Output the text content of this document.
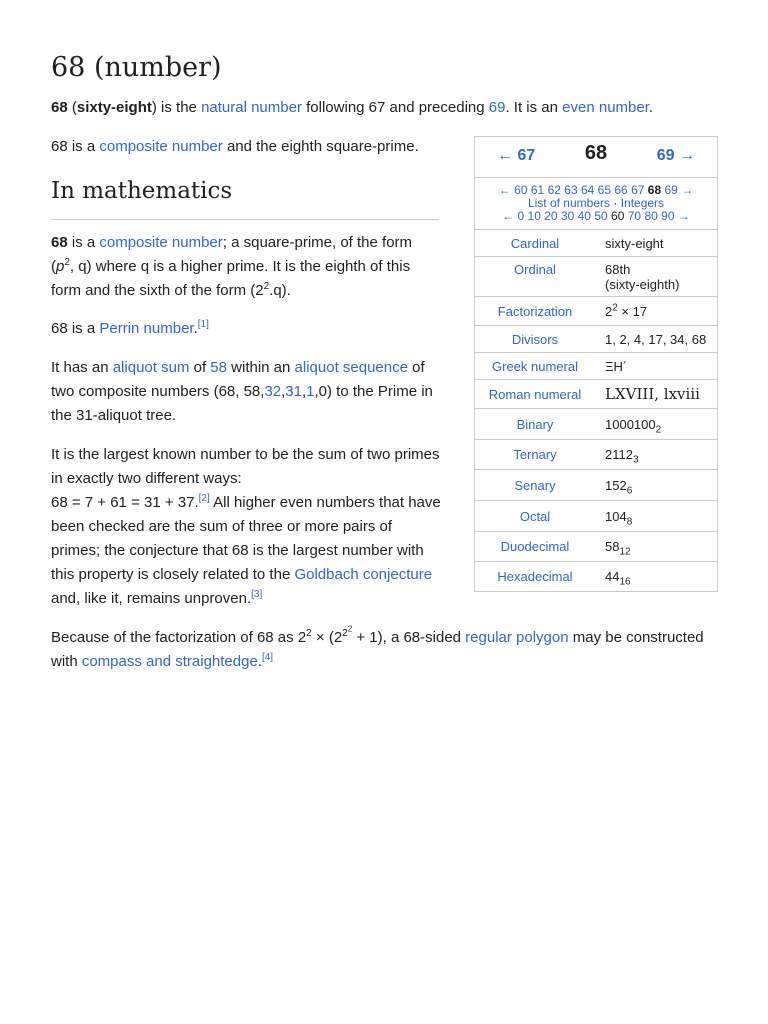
68 (number)

68 (sixty-eight) is the natural number following 67 and preceding 69. It is an even number.

68 is a composite number and the eighth square-prime.

In mathematics

68 is a composite number; a square-prime, of the form ($p^2$, q) where q is a higher prime. It is the eighth of this form and the sixth of the form $(2^2.q)$.

68 is a Perrin number.[1]

It has an aliquot sum of 58 within an aliquot sequence of two composite numbers (68, 58,32,31,1,0) to the Prime in the 31-aliquot tree.

It is the largest known number to be the sum of two primes in exactly two different ways:
68 = 7 + 61 = 31 + 37.[2] All higher even numbers that have been checked are the sum of three or more pairs of primes; the conjecture that 68 is the largest number with this property is closely related to the Goldbach conjecture and, like it, remains unproven.[3]

Because of the factorization of 68 as $2^2 \times (2^{2^2} + 1)$, a 68-sided regular polygon may be constructed with compass and straightedge.[4]

← 67	68	69 →
← 60 61 62 63 64 65 66 67 68 69 →
List of numbers · Integers
← 0 10 20 30 40 50 60 70 80 90 →
Cardinal	sixty-eight
Ordinal	68th
(sixty-eighth)
Factorization	$2^2 \times 17$
Divisors	1, 2, 4, 17, 34, 68
Greek numeral	ΞΗ´
Roman numeral	LXVIII, lxviii
Binary	$1000100_2$
Ternary	$2112_3$
Senary	$152_6$
Octal	$104_8$
Duodecimal	$58_{12}$
Hexadecimal	$44_{16}$
